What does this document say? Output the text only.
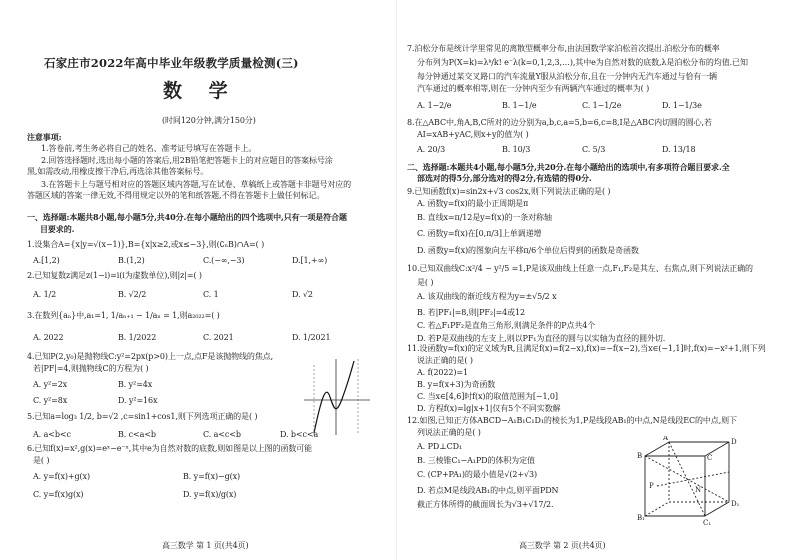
石家庄市2022年高中毕业年级教学质量检测(三)
数 学
(时间120分钟,满分150分)
注意事项:
1.答卷前,考生务必将自己的姓名、准考证号填写在答题卡上。
2.回答选择题时,选出每小题的答案后,用2B铅笔把答题卡上的对应题目的答案标号涂
黑,如需改动,用橡皮擦干净后,再选涂其他答案标号。
3.在答题卡上与题号相对应的答题区域内答题,写在试卷、草稿纸上或答题卡非题号对应的
答题区域的答案一律无效,不得用规定以外的笔和纸答题,不得在答题卡上做任何标记。
一、选择题:本题共8小题,每小题5分,共40分.在每小题给出的四个选项中,只有一项是符合题
目要求的.
1.设集合A={x|y=√(x−1)},B={x|x≥2,或x≤−3},则(∁ₙB)∩A=( )
A.[1,2)	B.(1,2)	C.(−∞,−3)	D.[1,+∞)
2.已知复数z满足z(1−i)=i(i为虚数单位),则|z|=( )
A. 1/2	B. √2/2	C. 1	D. √2
3.在数列{aₙ}中,a₁=1, 1/aₙ₊₁ − 1/aₙ = 1,则a₂₀₂₂=( )
A. 2022	B. 1/2022	C. 2021	D. 1/2021
4.已知P(2,y₀)是抛物线C:y²=2px(p>0)上一点,点F是该抛物线的焦点,
若|PF|=4,则抛物线C的方程为( )
A. y²=2x	B. y²=4x
C. y²=8x	D. y²=16x
5.已知a=log₃ 1/2, b=√2 ,c=sin1+cos1,则下列选项正确的是( )
A. a<b<c	B. c<a<b	C. a<c<b	D. b<c<a
6.已知f(x)=x²,g(x)=eˣ−e⁻ˣ,其中e为自然对数的底数,则如图是以上图的函数可能
是( )
A. y=f(x)+g(x)	B. y=f(x)−g(x)
C. y=f(x)g(x)	D. y=f(x)/g(x)
高三数学 第 1 页(共4页)
7.泊松分布是统计学里常见的离散型概率分布,由法国数学家泊松首次提出.泊松分布的概率
分布列为P(X=k)=λᵏ/k! e⁻λ(k=0,1,2,3,…),其中e为自然对数的底数,λ是泊松分布的均值.已知
每分钟通过某交叉路口的汽车流量Y服从泊松分布,且在一分钟内无汽车通过与恰有一辆
汽车通过的概率相等,则在一分钟内至少有两辆汽车通过的概率为( )
A. 1−2/e	B. 1−1/e	C. 1−1/2e	D. 1−1/3e
8.在△ABC中,角A,B,C所对的边分别为a,b,c,a=5,b=6,c=8,I是△ABC内切圆的圆心,若
AI=xAB+yAC,则x+y的值为( )
A. 20/3	B. 10/3	C. 5/3	D. 13/18
二、选择题:本题共4小题,每小题5分,共20分.在每小题给出的选项中,有多项符合题目要求.全
部选对的得5分,部分选对的得2分,有选错的得0分.
9.已知函数f(x)=sin2x+√3 cos2x,则下列说法正确的是( )
A. 函数y=f(x)的最小正周期是π
B. 直线x=π/12是y=f(x)的一条对称轴
C. 函数y=f(x)在[0,π/3]上单调递增
D. 函数y=f(x)的图象向左平移π/6个单位后得到的函数是奇函数
10.已知双曲线C:x²/4 − y²/5 =1,P是该双曲线上任意一点,F₁,F₂是其左、右焦点,则下列说法正确的
是( )
A. 该双曲线的渐近线方程为y=±√5/2 x
B. 若|PF₁|=8,则|PF₂|=4或12
C. 若△F₁PF₂是直角三角形,则满足条件的P点共4个
D. 若P是双曲线的左支上,则以PF₁为直径的圆与以实轴为直径的圆外切.
11.设函数y=f(x)的定义域为R,且满足f(x)=f(2−x),f(x)=−f(x−2),当x∈(−1,1]时,f(x)=−x²+1,则下列
说法正确的是( )
A. f(2022)=1
B. y=f(x+3)为奇函数
C. 当x∈[4,6]时f(x)的取值范围为[−1,0]
D. 方程f(x)=lg|x+1|仅有5个不同实数解
12.如图,已知正方体ABCD−A₁B₁C₁D₁的棱长为1,P是线段AB₁的中点,N是线段EC的中点,则下
列说法正确的是( )
A. PD⊥CD₁
B. 三棱锥C₁−A₁PD的体积为定值
C. (CP+PA₁)的最小值是√(2+√3)
D. 若点M是线段AB₁的中点,则平面PDN
截正方体所得的截面周长为√3+√17/2.
B₁
C₁
D₁
A	D
B	C
P	N
高三数学 第 2 页(共4页)
